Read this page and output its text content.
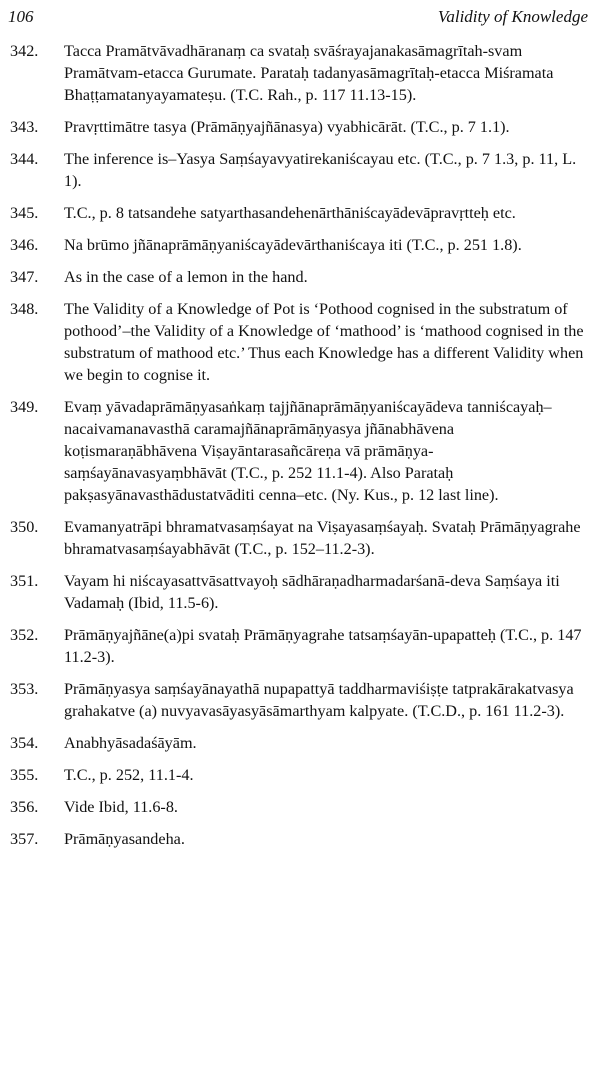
106	Validity of Knowledge
342.	Tacca Pramātvāvadhāranaṃ ca svataḥ svāśrayajanakasāmagrītah-svam Pramātvam-etacca Gurumate. Parataḥ tadanyasāmagrītaḥ-etacca Miśramata Bhaṭṭamatanyayamateṣu. (T.C. Rah., p. 117 11.13-15).
343.	Pravṛttimātre tasya (Prāmāṇyajñānasya) vyabhicārāt. (T.C., p. 7 1.1).
344.	The inference is–Yasya Saṃśayavyatirekaniścayau etc. (T.C., p. 7 1.3, p. 11, L. 1).
345.	T.C., p. 8 tatsandehe satyarthasandehenārthāniścayādevāpravṛtteḥ etc.
346.	Na brūmo jñānaprāmāṇyaniścayādevārthaniścaya iti (T.C., p. 251 1.8).
347.	As in the case of a lemon in the hand.
348.	The Validity of a Knowledge of Pot is ‘Pothood cognised in the substratum of pothood’–the Validity of a Knowledge of ‘mathood’ is ‘mathood cognised in the substratum of mathood etc.’ Thus each Knowledge has a different Validity when we begin to cognise it.
349.	Evaṃ yāvadaprāmāṇyasaṅkaṃ tajjñānaprāmāṇyaniścayādeva tanniścayaḥ–nacaivamanavasthā caramajñānaprāmāṇyasya jñānabhāvena koṭismaraṇābhāvena Viṣayāntarasañcāreṇa vā prāmāṇya-saṃśayānavasyaṃbhāvāt (T.C., p. 252 11.1-4). Also Parataḥ pakṣasyānavasthādustatvāditi cenna–etc. (Ny. Kus., p. 12 last line).
350.	Evamanyatrāpi bhramatvasaṃśayat na Viṣayasaṃśayaḥ. Svataḥ Prāmāṇyagrahe bhramatvasaṃśayabhāvāt (T.C., p. 152–11.2-3).
351.	Vayam hi niścayasattvāsattvayoḥ sādhāraṇadharmadarśanā-deva Saṃśaya iti Vadamaḥ (Ibid, 11.5-6).
352.	Prāmāṇyajñāne(a)pi svataḥ Prāmāṇyagrahe tatsaṃśayān-upapatteḥ (T.C., p. 147 11.2-3).
353.	Prāmāṇyasya saṃśayānayathā nupapattyā taddharmaviśiṣṭe tatprakārakatvasya grahakatve (a) nuvyavasāyasyāsāmarthyam kalpyate. (T.C.D., p. 161 11.2-3).
354.	Anabhyāsadaśāyām.
355.	T.C., p. 252, 11.1-4.
356.	Vide Ibid, 11.6-8.
357.	Prāmāṇyasandeha.
